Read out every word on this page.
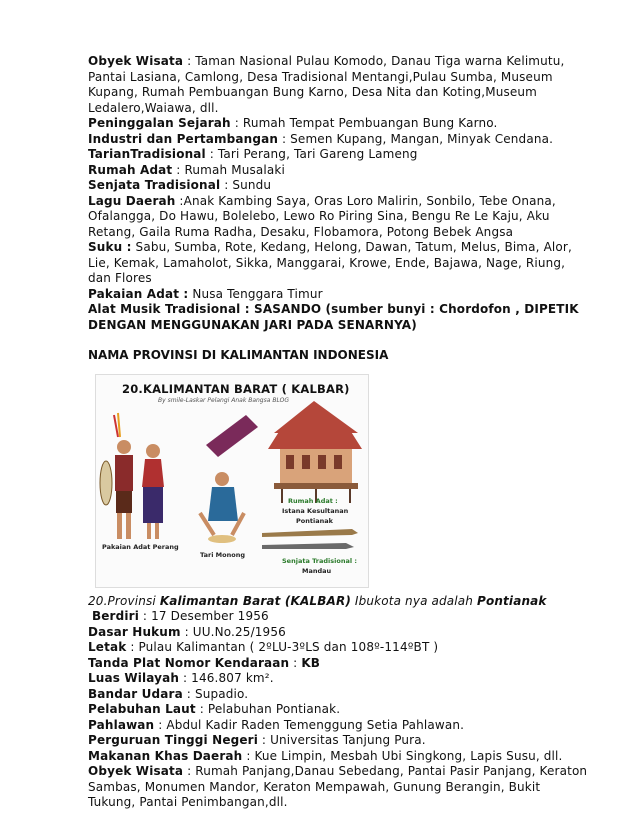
Obyek Wisata : Taman Nasional Pulau Komodo, Danau Tiga warna Kelimutu, Pantai Lasiana, Camlong, Desa Tradisional Mentangi,Pulau Sumba, Museum Kupang, Rumah Pembuangan Bung Karno, Desa Nita dan Koting,Museum Ledalero,Waiawa, dll.

Peninggalan Sejarah : Rumah Tempat Pembuangan Bung Karno.

Industri dan Pertambangan : Semen Kupang, Mangan, Minyak Cendana.

TarianTradisional : Tari Perang, Tari Gareng Lameng

Rumah Adat : Rumah Musalaki

Senjata Tradisional : Sundu

Lagu Daerah :Anak Kambing Saya, Oras Loro Malirin, Sonbilo, Tebe Onana, Ofalangga, Do Hawu, Bolelebo, Lewo Ro Piring Sina, Bengu Re Le Kaju, Aku Retang, Gaila Ruma Radha, Desaku, Flobamora, Potong Bebek Angsa

Suku : Sabu, Sumba, Rote, Kedang, Helong, Dawan, Tatum, Melus, Bima, Alor, Lie, Kemak, Lamaholot, Sikka, Manggarai, Krowe, Ende, Bajawa, Nage, Riung, dan Flores

Pakaian Adat : Nusa Tenggara Timur

Alat Musik Tradisional : SASANDO (sumber bunyi : Chordofon , DIPETIK DENGAN MENGGUNAKAN JARI PADA SENARNYA)

NAMA PROVINSI DI KALIMANTAN INDONESIA

20.KALIMANTAN BARAT ( KALBAR)
By smile-Laskar Pelangi Anak Bangsa BLOG
Pakaian Adat Perang
Tari Monong
Rumah Adat :
Istana Kesultanan
Pontianak
Senjata Tradisional :
Mandau

20.Provinsi Kalimantan Barat (KALBAR) Ibukota nya adalah Pontianak

Berdiri : 17 Desember 1956

Dasar Hukum : UU.No.25/1956

Letak : Pulau Kalimantan ( 2ºLU-3ºLS dan 108º-114ºBT )

Tanda Plat Nomor Kendaraan : KB

Luas Wilayah : 146.807 km².

Bandar Udara : Supadio.

Pelabuhan Laut : Pelabuhan Pontianak.

Pahlawan : Abdul Kadir Raden Temenggung Setia Pahlawan.

Perguruan Tinggi Negeri : Universitas Tanjung Pura.

Makanan Khas Daerah : Kue Limpin, Mesbah Ubi Singkong, Lapis Susu, dll.

Obyek Wisata : Rumah Panjang,Danau Sebedang, Pantai Pasir Panjang, Keraton Sambas, Monumen Mandor, Keraton Mempawah, Gunung Berangin, Bukit Tukung, Pantai Penimbangan,dll.
